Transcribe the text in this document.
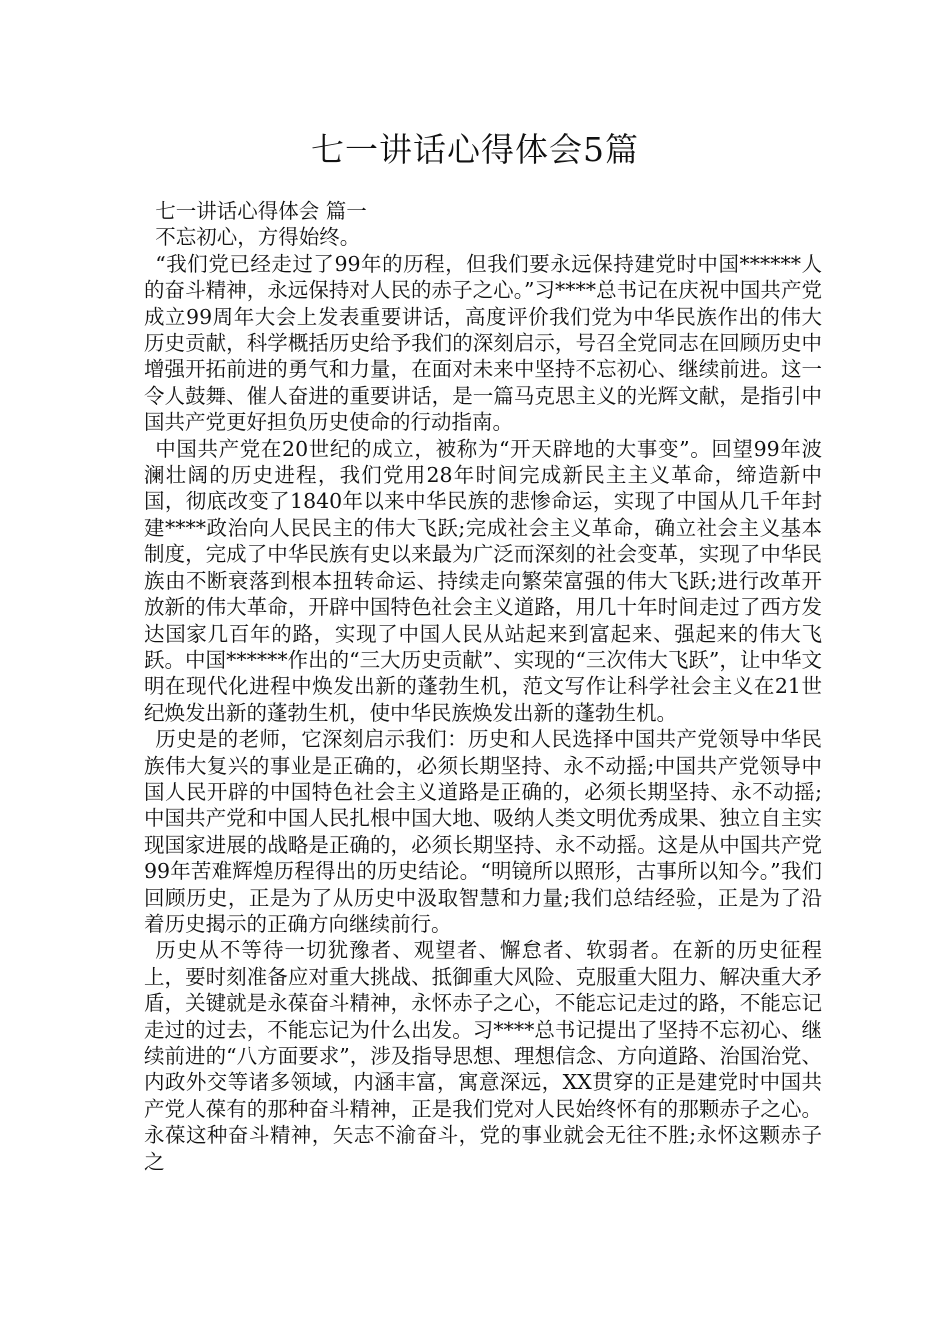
七一讲话心得体会5篇

七一讲话心得体会 篇一

不忘初心，方得始终。

“我们党已经走过了99年的历程，但我们要永远保持建党时中国******人的奋斗精神，永远保持对人民的赤子之心。”习****总书记在庆祝中国共产党成立99周年大会上发表重要讲话，高度评价我们党为中华民族作出的伟大历史贡献，科学概括历史给予我们的深刻启示，号召全党同志在回顾历史中增强开拓前进的勇气和力量，在面对未来中坚持不忘初心、继续前进。这一令人鼓舞、催人奋进的重要讲话，是一篇马克思主义的光辉文献，是指引中国共产党更好担负历史使命的行动指南。

中国共产党在20世纪的成立，被称为“开天辟地的大事变”。回望99年波澜壮阔的历史进程，我们党用28年时间完成新民主主义革命，缔造新中国，彻底改变了1840年以来中华民族的悲惨命运，实现了中国从几千年封建****政治向人民民主的伟大飞跃;完成社会主义革命，确立社会主义基本制度，完成了中华民族有史以来最为广泛而深刻的社会变革，实现了中华民族由不断衰落到根本扭转命运、持续走向繁荣富强的伟大飞跃;进行改革开放新的伟大革命，开辟中国特色社会主义道路，用几十年时间走过了西方发达国家几百年的路，实现了中国人民从站起来到富起来、强起来的伟大飞跃。中国******作出的“三大历史贡献”、实现的“三次伟大飞跃”，让中华文明在现代化进程中焕发出新的蓬勃生机，范文写作让科学社会主义在21世纪焕发出新的蓬勃生机，使中华民族焕发出新的蓬勃生机。

历史是的老师，它深刻启示我们：历史和人民选择中国共产党领导中华民族伟大复兴的事业是正确的，必须长期坚持、永不动摇;中国共产党领导中国人民开辟的中国特色社会主义道路是正确的，必须长期坚持、永不动摇;中国共产党和中国人民扎根中国大地、吸纳人类文明优秀成果、独立自主实现国家进展的战略是正确的，必须长期坚持、永不动摇。这是从中国共产党99年苦难辉煌历程得出的历史结论。“明镜所以照形，古事所以知今。”我们回顾历史，正是为了从历史中汲取智慧和力量;我们总结经验，正是为了沿着历史揭示的正确方向继续前行。

历史从不等待一切犹豫者、观望者、懈怠者、软弱者。在新的历史征程上，要时刻准备应对重大挑战、抵御重大风险、克服重大阻力、解决重大矛盾，关键就是永葆奋斗精神，永怀赤子之心，不能忘记走过的路，不能忘记走过的过去，不能忘记为什么出发。习****总书记提出了坚持不忘初心、继续前进的“八方面要求”，涉及指导思想、理想信念、方向道路、治国治党、内政外交等诸多领域，内涵丰富，寓意深远，XX贯穿的正是建党时中国共产党人葆有的那种奋斗精神，正是我们党对人民始终怀有的那颗赤子之心。永葆这种奋斗精神，矢志不渝奋斗，党的事业就会无往不胜;永怀这颗赤子之
